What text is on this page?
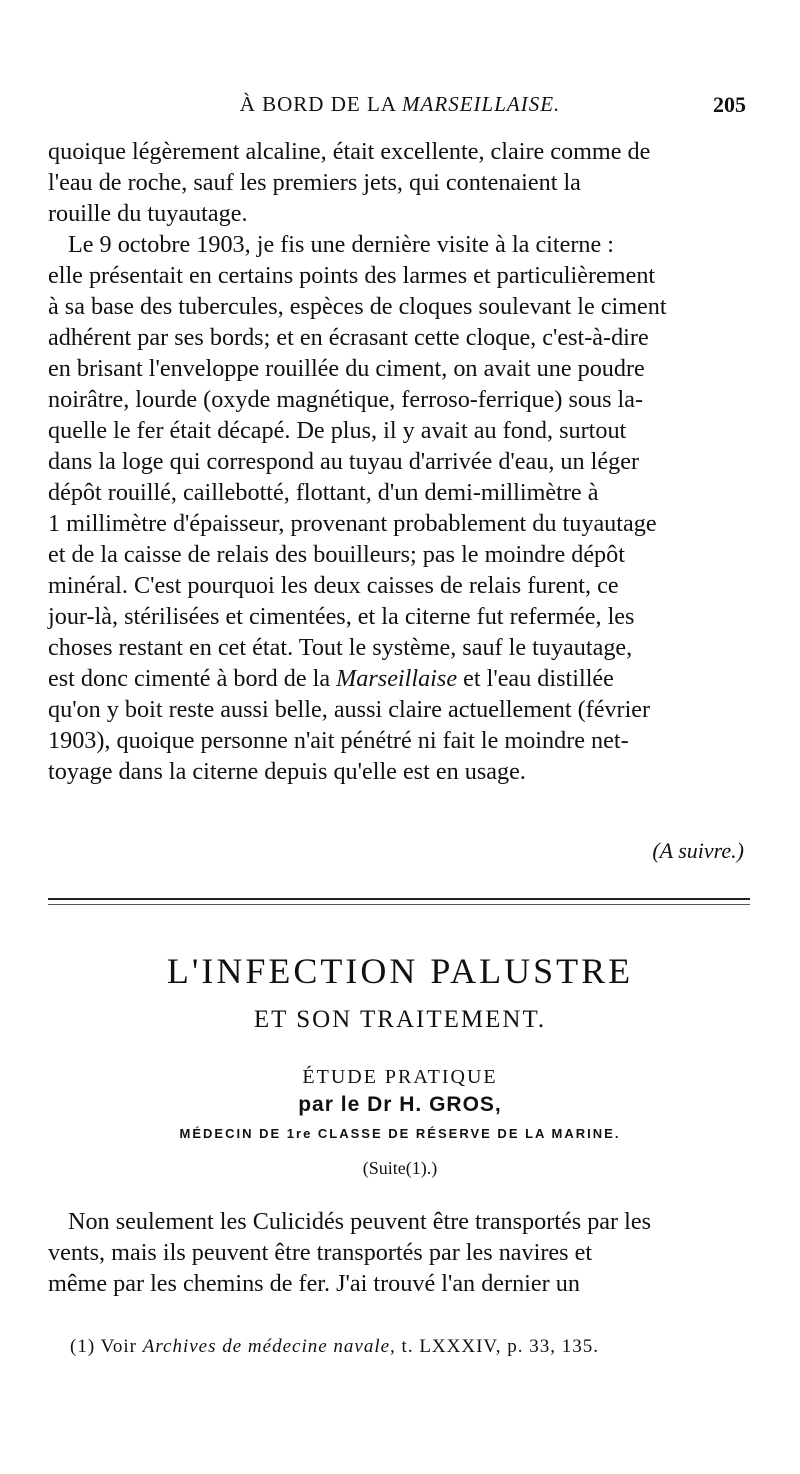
À BORD DE LA MARSEILLAISE.	205

quoique légèrement alcaline, était excellente, claire comme de

l'eau de roche, sauf les premiers jets, qui contenaient la

rouille du tuyautage.

Le 9 octobre 1903, je fis une dernière visite à la citerne :

elle présentait en certains points des larmes et particulièrement

à sa base des tubercules, espèces de cloques soulevant le ciment

adhérent par ses bords; et en écrasant cette cloque, c'est-à-dire

en brisant l'enveloppe rouillée du ciment, on avait une poudre

noirâtre, lourde (oxyde magnétique, ferroso-ferrique) sous la-

quelle le fer était décapé. De plus, il y avait au fond, surtout

dans la loge qui correspond au tuyau d'arrivée d'eau, un léger

dépôt rouillé, caillebotté, flottant, d'un demi-millimètre à

1 millimètre d'épaisseur, provenant probablement du tuyautage

et de la caisse de relais des bouilleurs; pas le moindre dépôt

minéral. C'est pourquoi les deux caisses de relais furent, ce

jour-là, stérilisées et cimentées, et la citerne fut refermée, les

choses restant en cet état. Tout le système, sauf le tuyautage,

est donc cimenté à bord de la Marseillaise et l'eau distillée

qu'on y boit reste aussi belle, aussi claire actuellement (février

1903), quoique personne n'ait pénétré ni fait le moindre net-

toyage dans la citerne depuis qu'elle est en usage.

(A suivre.)
L'INFECTION PALUSTRE
ET SON TRAITEMENT.
ÉTUDE PRATIQUE
par le Dr H. GROS,
MÉDECIN DE 1re CLASSE DE RÉSERVE DE LA MARINE.
(Suite(1).)

Non seulement les Culicidés peuvent être transportés par les

vents, mais ils peuvent être transportés par les navires et

même par les chemins de fer. J'ai trouvé l'an dernier un

(1) Voir Archives de médecine navale, t. LXXXIV, p. 33, 135.
